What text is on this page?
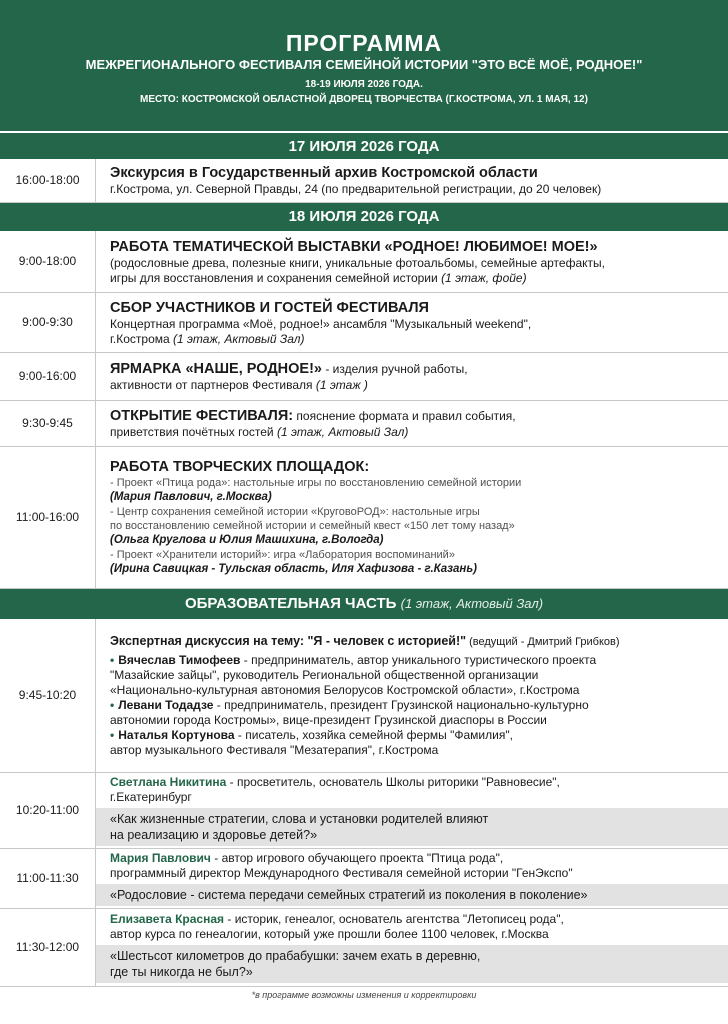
ПРОГРАММА
МЕЖРЕГИОНАЛЬНОГО ФЕСТИВАЛЯ СЕМЕЙНОЙ ИСТОРИИ "ЭТО ВСЁ МОЁ, РОДНОЕ!"
18-19 ИЮЛЯ 2026 ГОДА.
МЕСТО: КОСТРОМСКОЙ ОБЛАСТНОЙ ДВОРЕЦ ТВОРЧЕСТВА (Г.КОСТРОМА, УЛ. 1 МАЯ, 12)
17 ИЮЛЯ 2026 ГОДА
16:00-18:00	Экскурсия в Государственный архив Костромской области
г.Кострома, ул. Северной Правды, 24 (по предварительной регистрации, до 20 человек)
18 ИЮЛЯ 2026 ГОДА
9:00-18:00
РАБОТА ТЕМАТИЧЕСКОЙ ВЫСТАВКИ «РОДНОЕ! ЛЮБИМОЕ! МОЕ!»
(родословные древа, полезные книги, уникальные фотоальбомы, семейные артефакты,
игры для восстановления и сохранения семейной истории (1 этаж, фойе)
9:00-9:30
СБОР УЧАСТНИКОВ И ГОСТЕЙ ФЕСТИВАЛЯ
Концертная программа «Моё, родное!» ансамбля "Музыкальный weekend",
г.Кострома (1 этаж, Актовый Зал)
9:00-16:00	ЯРМАРКА «НАШЕ, РОДНОЕ!» - изделия ручной работы,
активности от партнеров Фестиваля (1 этаж )
9:30-9:45	ОТКРЫТИЕ ФЕСТИВАЛЯ: пояснение формата и правил события,
приветствия почётных гостей (1 этаж, Актовый Зал)
11:00-16:00
РАБОТА ТВОРЧЕСКИХ ПЛОЩАДОК:
- Проект «Птица рода»: настольные игры по восстановлению семейной истории
(Мария Павлович, г.Москва)
- Центр сохранения семейной истории «КруговоРОД»: настольные игры
по восстановлению семейной истории и семейный квест «150 лет тому назад»
(Ольга Круглова и Юлия Машихина, г.Вологда)
- Проект «Хранители историй»: игра «Лаборатория воспоминаний»
(Ирина Савицкая - Тульская область, Иля Хафизова - г.Казань)
ОБРАЗОВАТЕЛЬНАЯ ЧАСТЬ (1 этаж, Актовый Зал)
9:45-10:20
Экспертная дискуссия на тему: "Я - человек с историей!" (ведущий - Дмитрий Грибков)
• Вячеслав Тимофеев - предприниматель, автор уникального туристического проекта
"Мазайские зайцы", руководитель Региональной общественной организации
«Национально-культурная автономия Белорусов Костромской области», г.Кострома
• Левани Тодадзе - предприниматель, президент Грузинской национально-культурно
автономии города Костромы», вице-президент Грузинской диаспоры в России
• Наталья Кортунова - писатель, хозяйка семейной фермы "Фамилия",
автор музыкального Фестиваля "Мезатерапия", г.Кострома
10:20-11:00
Светлана Никитина - просветитель, основатель Школы риторики "Равновесие",
г.Екатеринбург
«Как жизненные стратегии, слова и установки родителей влияют
на реализацию и здоровье детей?»
11:00-11:30
Мария Павлович - автор игрового обучающего проекта "Птица рода",
программный директор Международного Фестиваля семейной истории "ГенЭкспо"
«Родословие - система передачи семейных стратегий из поколения в поколение»
11:30-12:00
Елизавета Красная - историк, генеалог, основатель агентства "Летописец рода",
автор курса по генеалогии, который уже прошли более 1100 человек, г.Москва
«Шестьсот километров до прабабушки: зачем ехать в деревню,
где ты никогда не был?»
*в программе возможны изменения и корректировки
